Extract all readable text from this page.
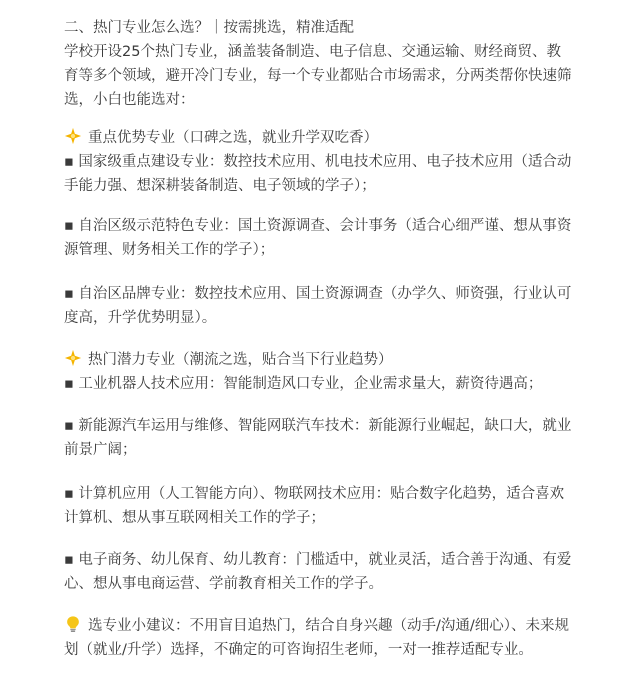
二、热门专业怎么选？｜按需挑选，精准适配

学校开设25个热门专业，涵盖装备制造、电子信息、交通运输、财经商贸、教育等多个领域，避开冷门专业，每一个专业都贴合市场需求，分两类帮你快速筛选，小白也能选对：

重点优势专业（口碑之选，就业升学双吃香）

▪ 国家级重点建设专业：数控技术应用、机电技术应用、电子技术应用（适合动手能力强、想深耕装备制造、电子领域的学子）；

▪ 自治区级示范特色专业：国土资源调查、会计事务（适合心细严谨、想从事资源管理、财务相关工作的学子）；

▪ 自治区品牌专业：数控技术应用、国土资源调查（办学久、师资强，行业认可度高，升学优势明显）。

热门潜力专业（潮流之选，贴合当下行业趋势）

▪ 工业机器人技术应用：智能制造风口专业，企业需求量大，薪资待遇高；

▪ 新能源汽车运用与维修、智能网联汽车技术：新能源行业崛起，缺口大，就业前景广阔；

▪ 计算机应用（人工智能方向）、物联网技术应用：贴合数字化趋势，适合喜欢计算机、想从事互联网相关工作的学子；

▪ 电子商务、幼儿保育、幼儿教育：门槛适中，就业灵活，适合善于沟通、有爱心、想从事电商运营、学前教育相关工作的学子。

选专业小建议：不用盲目追热门，结合自身兴趣（动手/沟通/细心）、未来规划（就业/升学）选择，不确定的可咨询招生老师，一对一推荐适配专业。
